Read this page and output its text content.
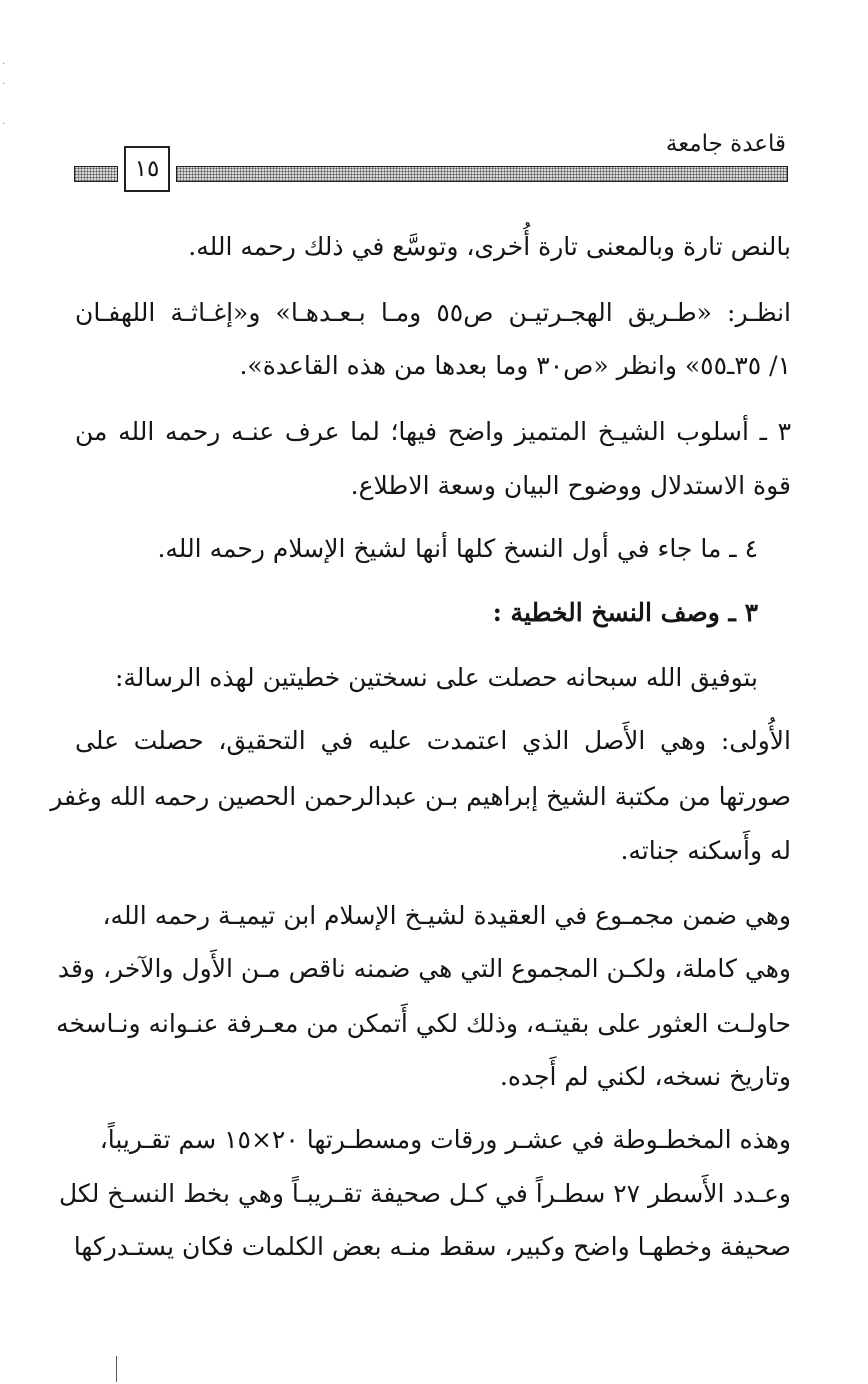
قاعدة جامعة
١٥
بالنص تارة وبالمعنى تارة أُخرى، وتوسَّع في ذلك رحمه الله.
انظـر: «طـريق الهجـرتيـن ص٥٥ ومـا بـعـدهـا» و«إغـاثـة اللهفـان
١/ ٣٥ـ٥٥» وانظر «ص٣٠ وما بعدها من هذه القاعدة».
٣ ـ أسلوب الشيـخ المتميز واضح فيها؛ لما عرف عنـه رحمه الله من
قوة الاستدلال ووضوح البيان وسعة الاطلاع.
٤ ـ ما جاء في أول النسخ كلها أنها لشيخ الإسلام رحمه الله.
٣ ـ وصف النسخ الخطية :
بتوفيق الله سبحانه حصلت على نسختين خطيتين لهذه الرسالة:
الأُولى: وهي الأَصل الذي اعتمدت عليه في التحقيق، حصلت على
صورتها من مكتبة الشيخ إبراهيم بـن عبدالرحمن الحصين رحمه الله وغفر
له وأَسكنه جناته.
وهي ضمن مجمـوع في العقيدة لشيـخ الإسلام ابن تيميـة رحمه الله،
وهي كاملة، ولكـن المجموع التي هي ضمنه ناقص مـن الأَول والآخر، وقد
حاولـت العثور على بقيتـه، وذلك لكي أَتمكن من معـرفة عنـوانه ونـاسخه
وتاريخ نسخه، لكني لم أَجده.
وهذه المخطـوطة في عشـر ورقات ومسطـرتها ٢٠×١٥ سم تقـريباً،
وعـدد الأَسطر ٢٧ سطـراً في كـل صحيفة تقـريبـاً وهي بخط النسـخ لكل
صحيفة وخطهـا واضح وكبير، سقط منـه بعض الكلمات فكان يستـدركها
·
·
·
